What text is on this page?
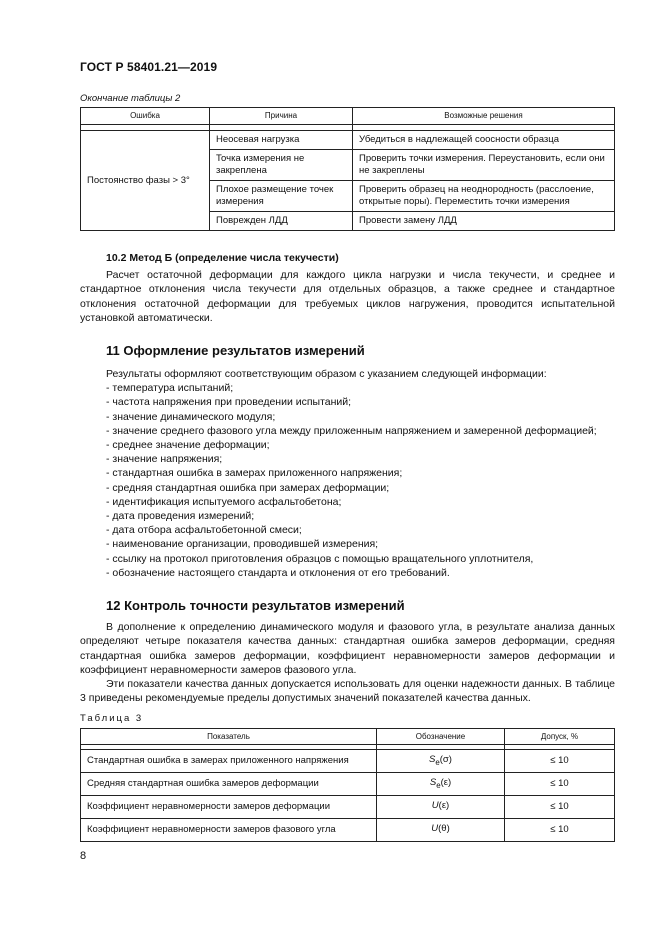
ГОСТ Р 58401.21—2019
Окончание таблицы 2
Ошибка	Причина	Возможные решения

Постоянство фазы > 3°	Неосевая нагрузка	Убедиться в надлежащей соосности образца
	Точка измерения не закреплена	Проверить точки измерения. Переустановить, если они не закреплены
	Плохое размещение точек измерения	Проверить образец на неоднородность (расслоение, открытые поры). Переместить точки измерения
	Поврежден ЛДД	Провести замену ЛДД
10.2 Метод Б (определение числа текучести)

Расчет остаточной деформации для каждого цикла нагрузки и числа текучести, и среднее и стандартное отклонения числа текучести для отдельных образцов, а также среднее и стандартное отклонения остаточной деформации для требуемых циклов нагружения, проводится испытательной установкой автоматически.

11 Оформление результатов измерений

Результаты оформляют соответствующим образом с указанием следующей информации:

- температура испытаний;

- частота напряжения при проведении испытаний;

- значение динамического модуля;

- значение среднего фазового угла между приложенным напряжением и замеренной деформацией;

- среднее значение деформации;

- значение напряжения;

- стандартная ошибка в замерах приложенного напряжения;

- средняя стандартная ошибка при замерах деформации;

- идентификация испытуемого асфальтобетона;

- дата проведения измерений;

- дата отбора асфальтобетонной смеси;

- наименование организации, проводившей измерения;

- ссылку на протокол приготовления образцов с помощью вращательного уплотнителя,

- обозначение настоящего стандарта и отклонения от его требований.

12 Контроль точности результатов измерений

В дополнение к определению динамического модуля и фазового угла, в результате анализа данных определяют четыре показателя качества данных: стандартная ошибка замеров деформации, средняя стандартная ошибка замеров деформации, коэффициент неравномерности замеров деформации и коэффициент неравномерности замеров фазового угла.

Эти показатели качества данных допускается использовать для оценки надежности данных. В таблице 3 приведены рекомендуемые пределы допустимых значений показателей качества данных.

Таблица 3
Показатель	Обозначение	Допуск, %

Стандартная ошибка в замерах приложенного напряжения	$S_e(\sigma)$	≤ 10
Средняя стандартная ошибка замеров деформации	$S_e(\varepsilon)$	≤ 10
Коэффициент неравномерности замеров деформации	U(ε)	≤ 10
Коэффициент неравномерности замеров фазового угла	U(θ)	≤ 10
8
